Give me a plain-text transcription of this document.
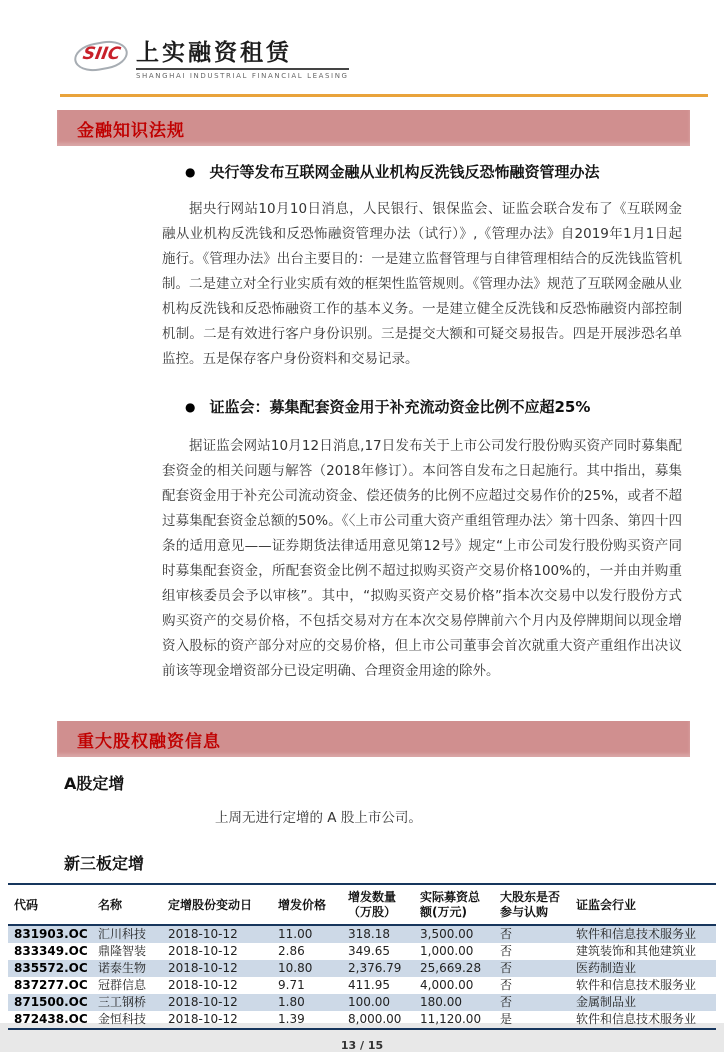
SIIC 上实融资租赁
SHANGHAI INDUSTRIAL FINANCIAL LEASING
金融知识法规
● 央行等发布互联网金融从业机构反洗钱反恐怖融资管理办法

据央行网站10月10日消息，人民银行、银保监会、证监会联合发布了《互联网金融从业机构反洗钱和反恐怖融资管理办法（试行）》,《管理办法》自2019年1月1日起施行。《管理办法》出台主要目的：一是建立监督管理与自律管理相结合的反洗钱监管机制。二是建立对全行业实质有效的框架性监管规则。《管理办法》规范了互联网金融从业机构反洗钱和反恐怖融资工作的基本义务。一是建立健全反洗钱和反恐怖融资内部控制机制。二是有效进行客户身份识别。三是提交大额和可疑交易报告。四是开展涉恐名单监控。五是保存客户身份资料和交易记录。

● 证监会：募集配套资金用于补充流动资金比例不应超25%

据证监会网站10月12日消息,17日发布关于上市公司发行股份购买资产同时募集配套资金的相关问题与解答（2018年修订）。本问答自发布之日起施行。其中指出，募集配套资金用于补充公司流动资金、偿还债务的比例不应超过交易作价的25%，或者不超过募集配套资金总额的50%。《〈上市公司重大资产重组管理办法〉第十四条、第四十四条的适用意见——证券期货法律适用意见第12号》规定“上市公司发行股份购买资产同时募集配套资金，所配套资金比例不超过拟购买资产交易价格100%的，一并由并购重组审核委员会予以审核”。其中，“拟购买资产交易价格”指本次交易中以发行股份方式购买资产的交易价格，不包括交易对方在本次交易停牌前六个月内及停牌期间以现金增资入股标的资产部分对应的交易价格，但上市公司董事会首次就重大资产重组作出决议前该等现金增资部分已设定明确、合理资金用途的除外。

重大股权融资信息
A股定增
上周无进行定增的 A 股上市公司。
新三板定增
代码	名称	定增股份变动日	增发价格	增发数量（万股）	实际募资总额(万元)	大股东是否参与认购	证监会行业
831903.OC	汇川科技	2018-10-12	11.00	318.18	3,500.00	否	软件和信息技术服务业
833349.OC	鼎隆智装	2018-10-12	2.86	349.65	1,000.00	否	建筑装饰和其他建筑业
835572.OC	诺泰生物	2018-10-12	10.80	2,376.79	25,669.28	否	医药制造业
837277.OC	冠群信息	2018-10-12	9.71	411.95	4,000.00	否	软件和信息技术服务业
871500.OC	三工钢桥	2018-10-12	1.80	100.00	180.00	否	金属制品业
872438.OC	金恒科技	2018-10-12	1.39	8,000.00	11,120.00	是	软件和信息技术服务业
13 / 15
